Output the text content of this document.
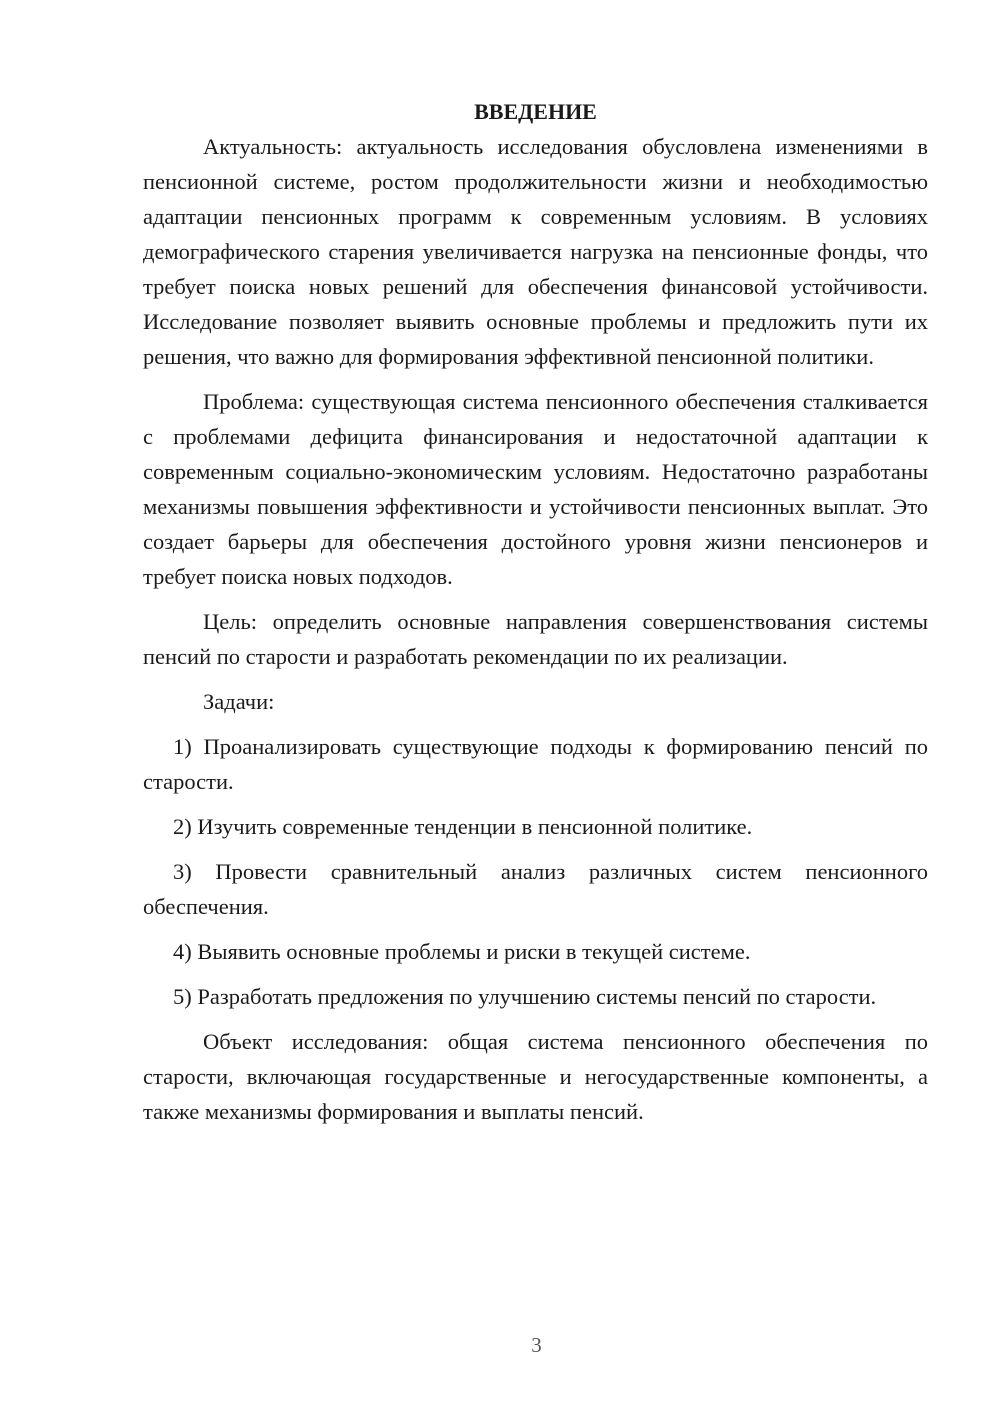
ВВЕДЕНИЕ

Актуальность: актуальность исследования обусловлена изменениями в пенсионной системе, ростом продолжительности жизни и необходимостью адаптации пенсионных программ к современным условиям. В условиях демографического старения увеличивается нагрузка на пенсионные фонды, что требует поиска новых решений для обеспечения финансовой устойчивости. Исследование позволяет выявить основные проблемы и предложить пути их решения, что важно для формирования эффективной пенсионной политики.

Проблема: существующая система пенсионного обеспечения сталкивается с проблемами дефицита финансирования и недостаточной адаптации к современным социально-экономическим условиям. Недостаточно разработаны механизмы повышения эффективности и устойчивости пенсионных выплат. Это создает барьеры для обеспечения достойного уровня жизни пенсионеров и требует поиска новых подходов.

Цель: определить основные направления совершенствования системы пенсий по старости и разработать рекомендации по их реализации.

Задачи:

1) Проанализировать существующие подходы к формированию пенсий по старости.

2) Изучить современные тенденции в пенсионной политике.

3) Провести сравнительный анализ различных систем пенсионного обеспечения.

4) Выявить основные проблемы и риски в текущей системе.

5) Разработать предложения по улучшению системы пенсий по старости.

Объект исследования: общая система пенсионного обеспечения по старости, включающая государственные и негосударственные компоненты, а также механизмы формирования и выплаты пенсий.

3
